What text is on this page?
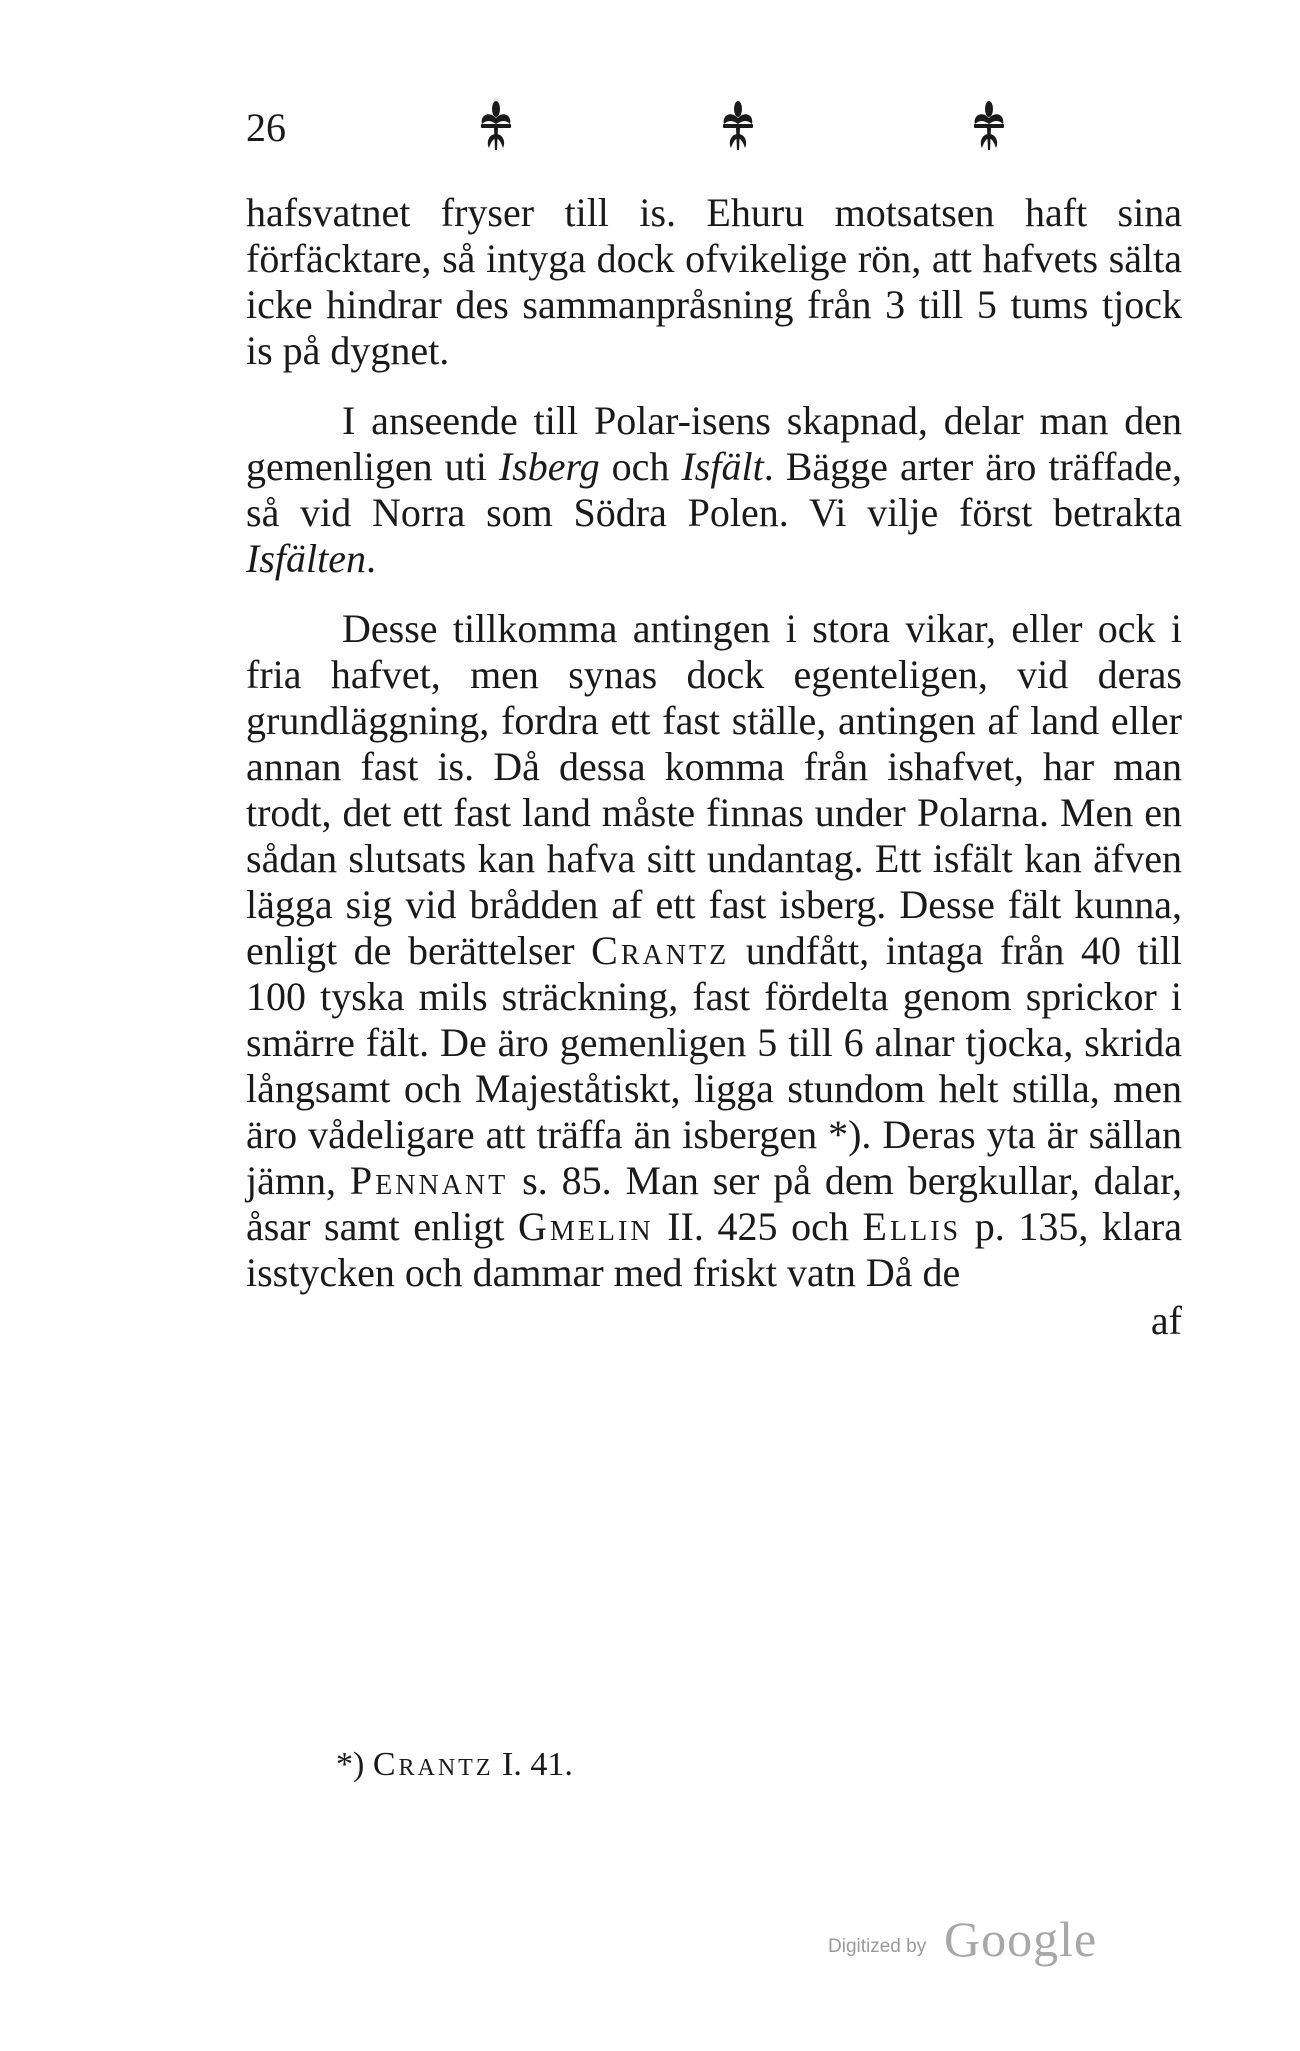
26

hafsvatnet fryser till is. Ehuru motsatsen haft sina förfäcktare, så intyga dock ofvikelige rön, att hafvets sälta icke hindrar des sammanpråsning från 3 till 5 tums tjock is på dygnet.

I anseende till Polar-isens skapnad, delar man den gemenligen uti Isberg och Isfält. Bägge arter äro träffade, så vid Norra som Södra Polen. Vi vilje först betrakta Isfälten.

Desse tillkomma antingen i stora vikar, eller ock i fria hafvet, men synas dock egenteligen, vid deras grundläggning, fordra ett fast ställe, antingen af land eller annan fast is. Då dessa komma från ishafvet, har man trodt, det ett fast land måste finnas under Polarna. Men en sådan slutsats kan hafva sitt undantag. Ett isfält kan äfven lägga sig vid brådden af ett fast isberg. Desse fält kunna, enligt de berättelser Crantz undfått, intaga från 40 till 100 tyska mils sträckning, fast fördelta genom sprickor i smärre fält. De äro gemenligen 5 till 6 alnar tjocka, skrida långsamt och Majeståtiskt, ligga stundom helt stilla, men äro vådeligare att träffa än isbergen *). Deras yta är sällan jämn, Pennant s. 85. Man ser på dem bergkullar, dalar, åsar samt enligt Gmelin II. 425 och Ellis p. 135, klara isstycken och dammar med friskt vatn Då de

af

*) Crantz I. 41.
Digitized by Google
